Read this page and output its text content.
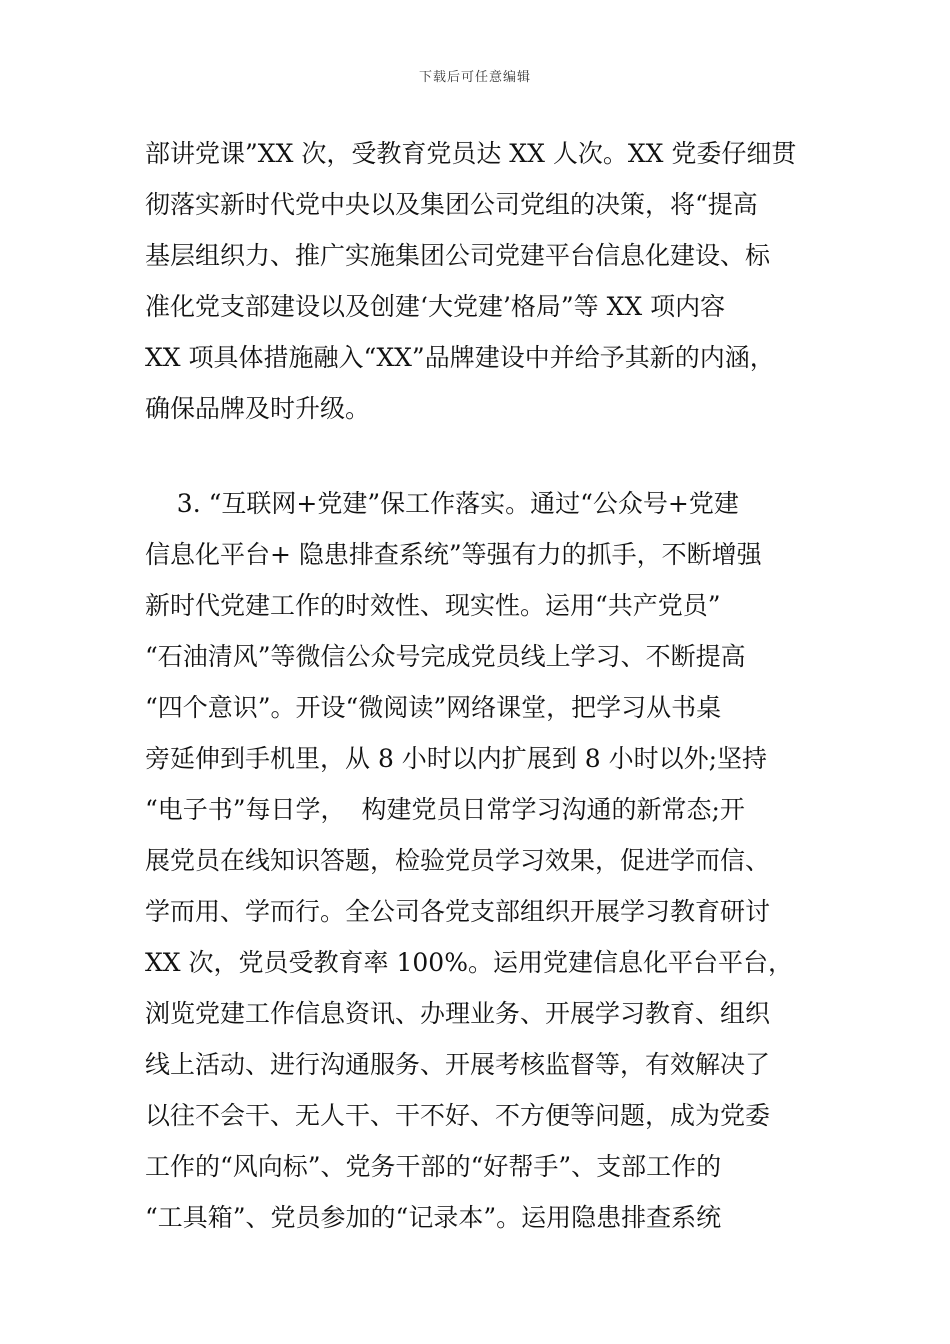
下载后可任意编辑
部讲党课”XX 次，受教育党员达 XX 人次。XX 党委仔细贯
彻落实新时代党中央以及集团公司党组的决策，将“提高
基层组织力、推广实施集团公司党建平台信息化建设、标
准化党支部建设以及创建‘大党建’格局”等 XX 项内容
XX 项具体措施融入“XX”品牌建设中并给予其新的内涵，
确保品牌及时升级。
3. “互联网+党建”保工作落实。通过“公众号+党建
信息化平台+ 隐患排查系统”等强有力的抓手，不断增强
新时代党建工作的时效性、现实性。运用“共产党员”
“石油清风”等微信公众号完成党员线上学习、不断提高
“四个意识”。开设“微阅读”网络课堂，把学习从书桌
旁延伸到手机里，从 8 小时以内扩展到 8 小时以外;坚持
“电子书”每日学，  构建党员日常学习沟通的新常态;开
展党员在线知识答题，检验党员学习效果，促进学而信、
学而用、学而行。全公司各党支部组织开展学习教育研讨
XX 次，党员受教育率 100%。运用党建信息化平台平台，
浏览党建工作信息资讯、办理业务、开展学习教育、组织
线上活动、进行沟通服务、开展考核监督等，有效解决了
以往不会干、无人干、干不好、不方便等问题，成为党委
工作的“风向标”、党务干部的“好帮手”、支部工作的
“工具箱”、党员参加的“记录本”。运用隐患排查系统
